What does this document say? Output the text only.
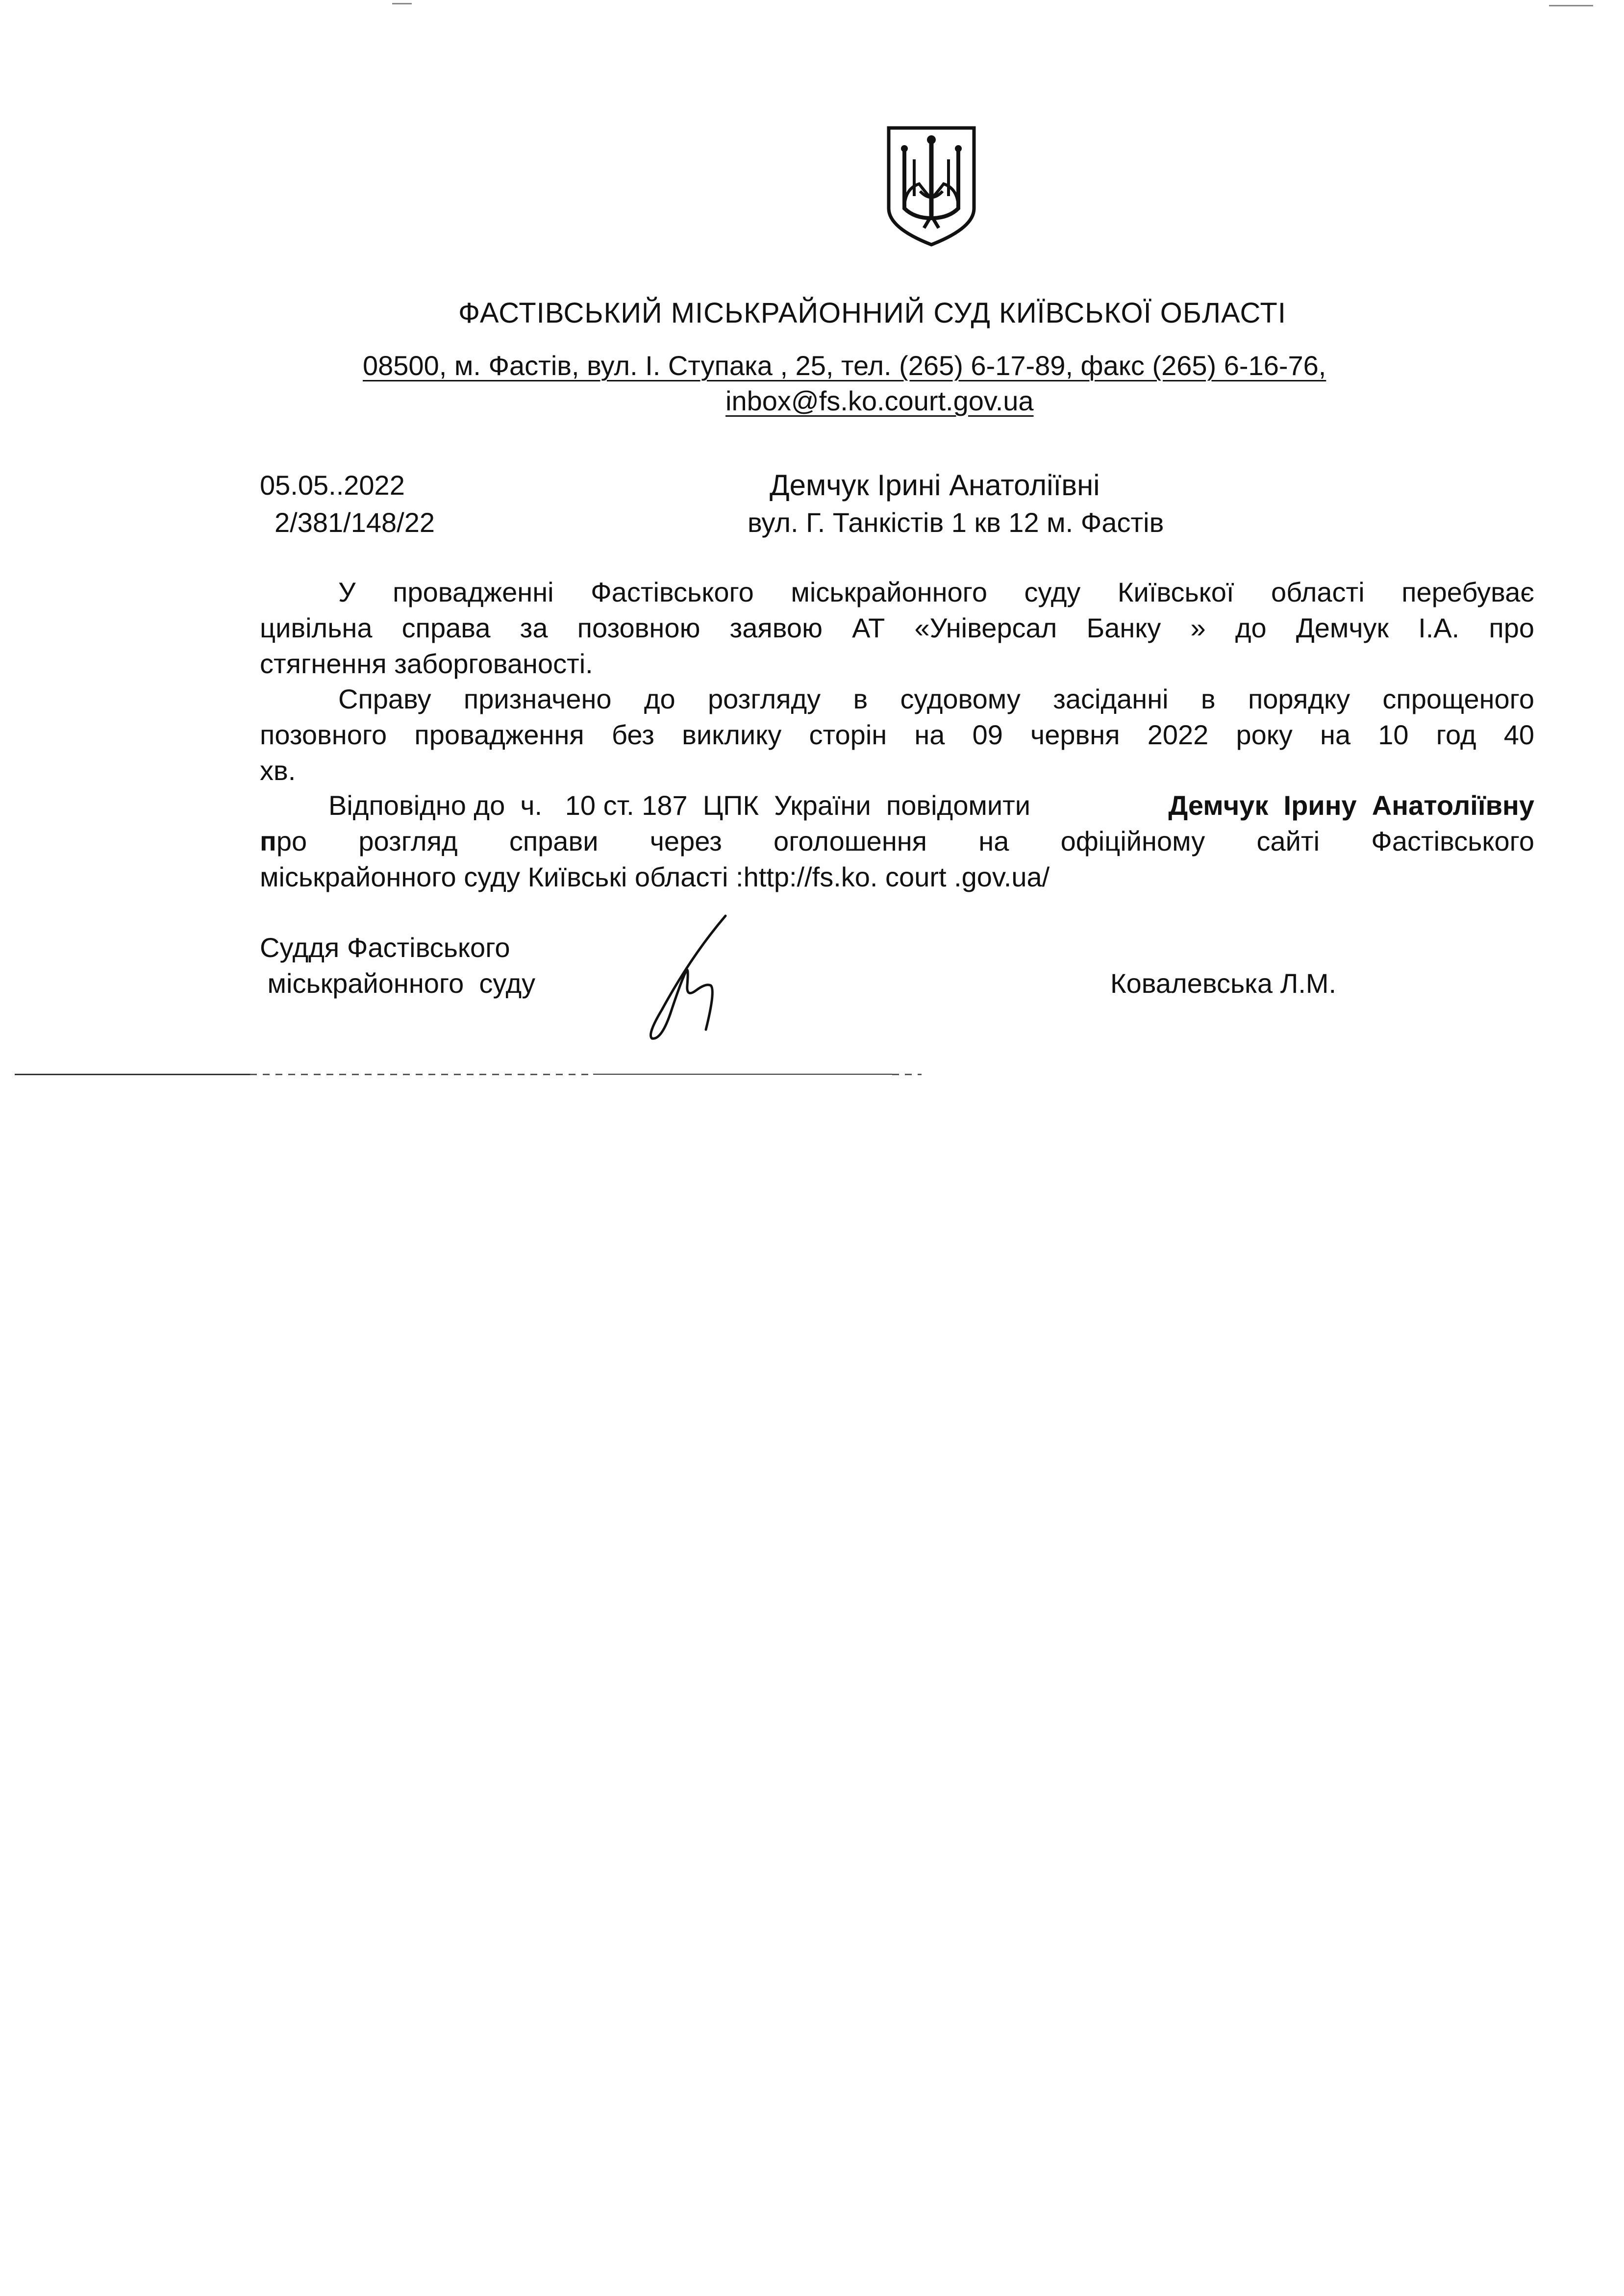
ФАСТІВСЬКИЙ МІСЬКРАЙОННИЙ СУД КИЇВСЬКОЇ ОБЛАСТІ
08500, м. Фастів, вул. І. Ступака , 25, тел. (265) 6-17-89, факс (265) 6-16-76,
inbox@fs.ko.court.gov.ua
05.05..2022
2/381/148/22
Демчук Ірині Анатоліївні
вул. Г. Танкістів 1 кв 12 м. Фастів
У провадженні Фастівського міськрайонного суду Київської області перебуває
цивільна справа за позовною заявою АТ «Універсал Банку » до Демчук І.А. про
стягнення заборгованості.
Справу призначено до розгляду в судовому засіданні в порядку спрощеного
позовного провадження без виклику сторін на 09 червня 2022 року на 10 год 40
хв.
Відповідно до  ч.   10 ст. 187  ЦПК  України  повідомити	Демчук  Ірину  Анатоліївну
п ро розгляд справи через оголошення на офіційному сайті Фастівського
міськрайонного суду Київські області :http://fs.ko. court .gov.ua/
Суддя Фастівського
міськрайонного  суду	Ковалевська Л.М.
